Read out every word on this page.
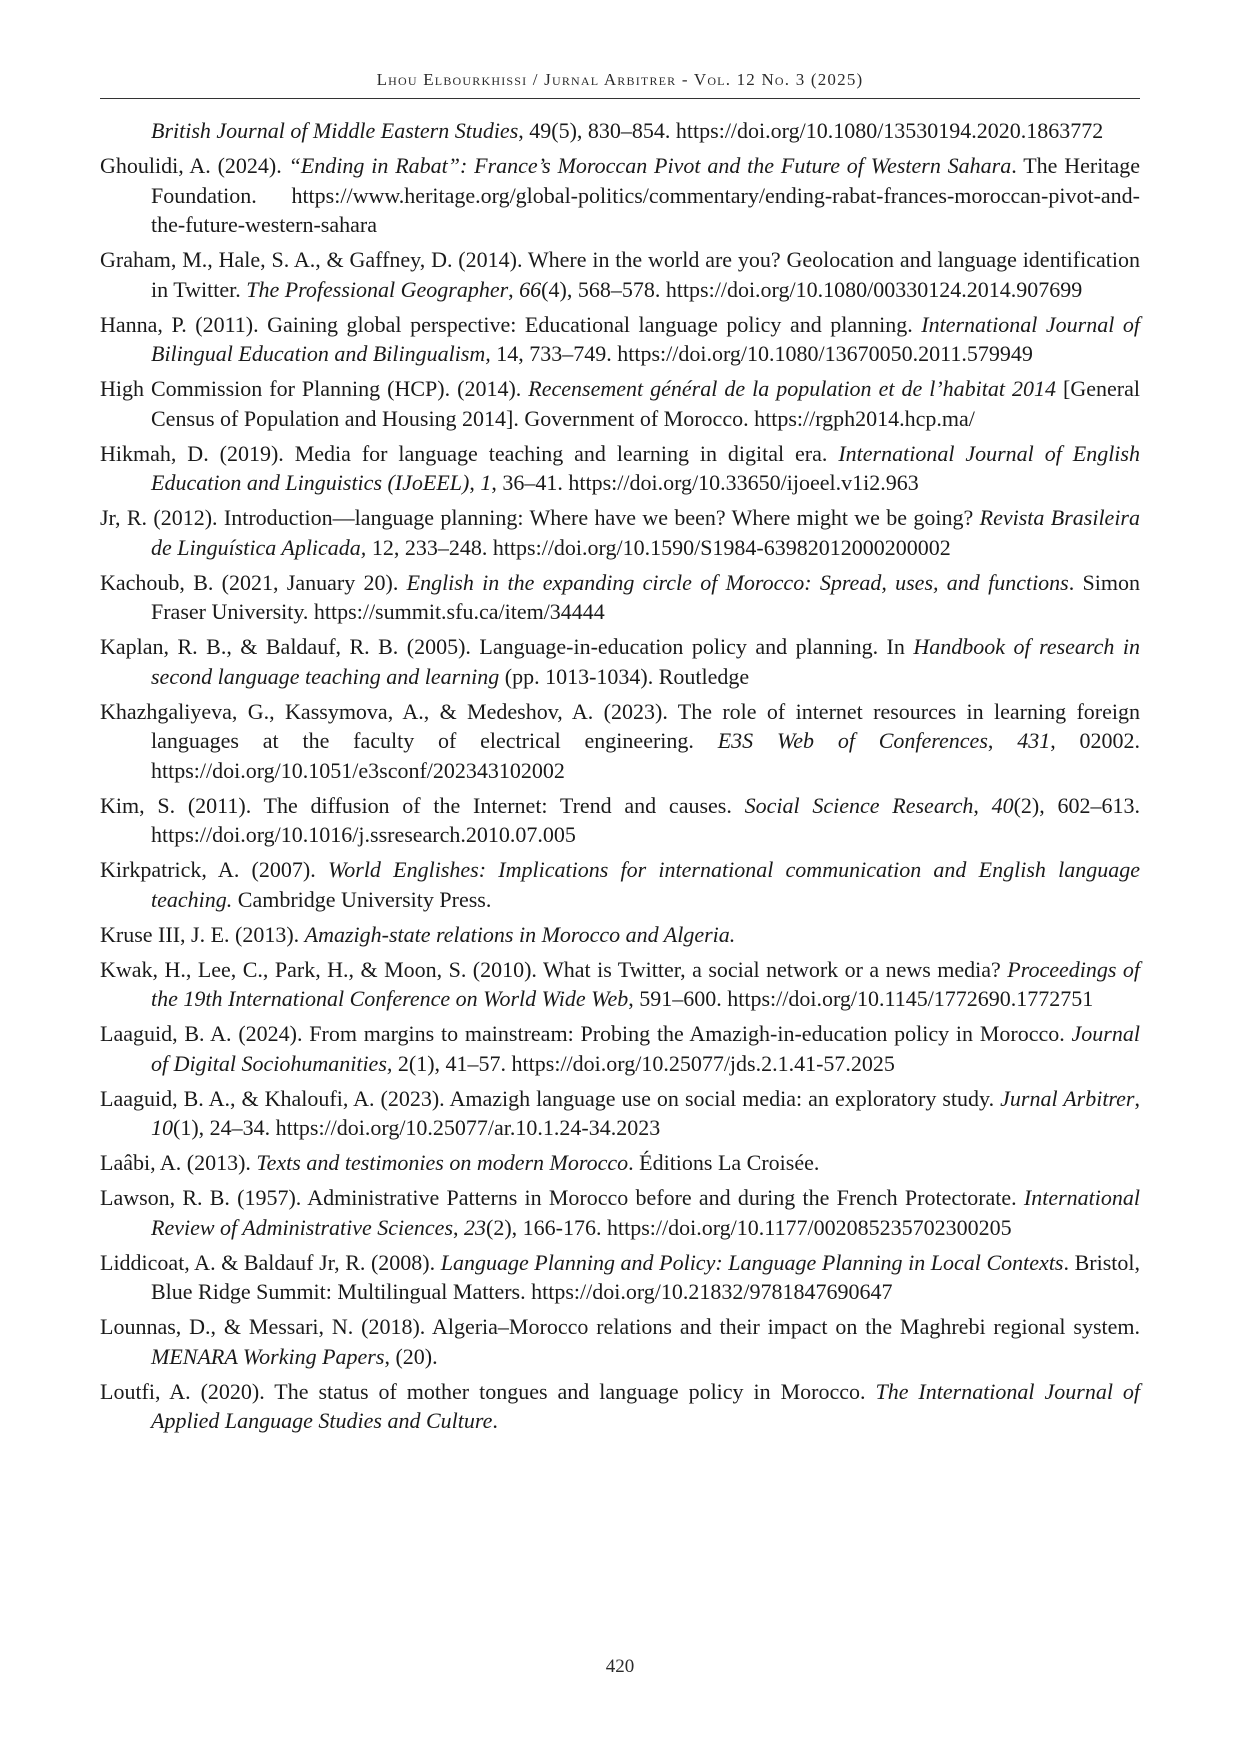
Lhou Elbourkhissi / Jurnal Arbitrer - Vol. 12 No. 3 (2025)

British Journal of Middle Eastern Studies, 49(5), 830–854. https://doi.org/10.1080/13530194.2020.1863772

Ghoulidi, A. (2024). “Ending in Rabat”: France’s Moroccan Pivot and the Future of Western Sahara. The Heritage Foundation. https://www.heritage.org/global-politics/commentary/ending-rabat-frances-moroccan-pivot-and-the-future-western-sahara

Graham, M., Hale, S. A., & Gaffney, D. (2014). Where in the world are you? Geolocation and language identification in Twitter. The Professional Geographer, 66(4), 568–578. https://doi.org/10.1080/00330124.2014.907699

Hanna, P. (2011). Gaining global perspective: Educational language policy and planning. International Journal of Bilingual Education and Bilingualism, 14, 733–749. https://doi.org/10.1080/13670050.2011.579949

High Commission for Planning (HCP). (2014). Recensement général de la population et de l’habitat 2014 [General Census of Population and Housing 2014]. Government of Morocco. https://rgph2014.hcp.ma/

Hikmah, D. (2019). Media for language teaching and learning in digital era. International Journal of English Education and Linguistics (IJoEEL), 1, 36–41. https://doi.org/10.33650/ijoeel.v1i2.963

Jr, R. (2012). Introduction—language planning: Where have we been? Where might we be going? Revista Brasileira de Linguística Aplicada, 12, 233–248. https://doi.org/10.1590/S1984-63982012000200002

Kachoub, B. (2021, January 20). English in the expanding circle of Morocco: Spread, uses, and functions. Simon Fraser University. https://summit.sfu.ca/item/34444

Kaplan, R. B., & Baldauf, R. B. (2005). Language-in-education policy and planning. In Handbook of research in second language teaching and learning (pp. 1013-1034). Routledge

Khazhgaliyeva, G., Kassymova, A., & Medeshov, A. (2023). The role of internet resources in learning foreign languages at the faculty of electrical engineering. E3S Web of Conferences, 431, 02002. https://doi.org/10.1051/e3sconf/202343102002

Kim, S. (2011). The diffusion of the Internet: Trend and causes. Social Science Research, 40(2), 602–613. https://doi.org/10.1016/j.ssresearch.2010.07.005

Kirkpatrick, A. (2007). World Englishes: Implications for international communication and English language teaching. Cambridge University Press.

Kruse III, J. E. (2013). Amazigh-state relations in Morocco and Algeria.

Kwak, H., Lee, C., Park, H., & Moon, S. (2010). What is Twitter, a social network or a news media? Proceedings of the 19th International Conference on World Wide Web, 591–600. https://doi.org/10.1145/1772690.1772751

Laaguid, B. A. (2024). From margins to mainstream: Probing the Amazigh-in-education policy in Morocco. Journal of Digital Sociohumanities, 2(1), 41–57. https://doi.org/10.25077/jds.2.1.41-57.2025

Laaguid, B. A., & Khaloufi, A. (2023). Amazigh language use on social media: an exploratory study. Jurnal Arbitrer, 10(1), 24–34. https://doi.org/10.25077/ar.10.1.24-34.2023

Laâbi, A. (2013). Texts and testimonies on modern Morocco. Éditions La Croisée.

Lawson, R. B. (1957). Administrative Patterns in Morocco before and during the French Protectorate. International Review of Administrative Sciences, 23(2), 166-176. https://doi.org/10.1177/002085235702300205

Liddicoat, A. & Baldauf Jr, R. (2008). Language Planning and Policy: Language Planning in Local Contexts. Bristol, Blue Ridge Summit: Multilingual Matters. https://doi.org/10.21832/9781847690647

Lounnas, D., & Messari, N. (2018). Algeria–Morocco relations and their impact on the Maghrebi regional system. MENARA Working Papers, (20).

Loutfi, A. (2020). The status of mother tongues and language policy in Morocco. The International Journal of Applied Language Studies and Culture.

420
